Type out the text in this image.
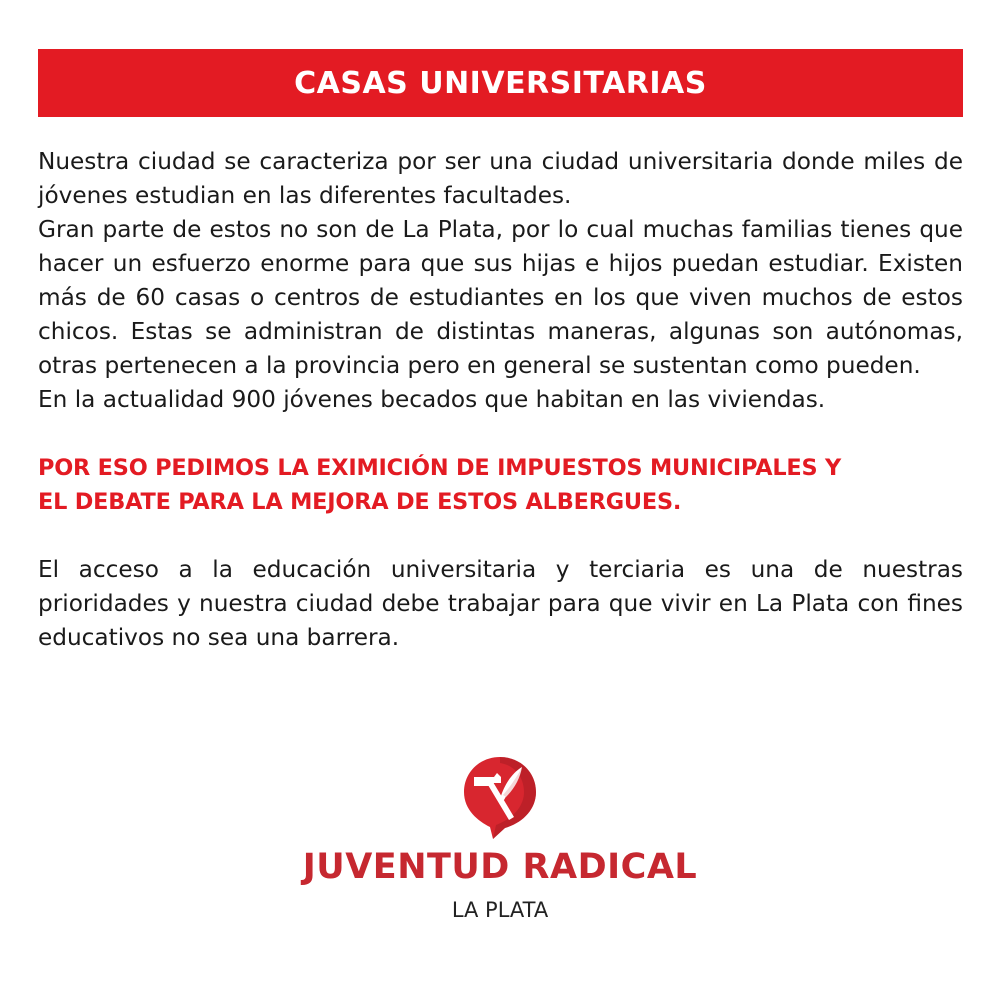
CASAS UNIVERSITARIAS

Nuestra ciudad se caracteriza por ser una ciudad universitaria donde miles de jóvenes estudian en las diferentes facultades.

Gran parte de estos no son de La Plata, por lo cual muchas familias tienes que hacer un esfuerzo enorme para que sus hijas e hijos puedan estudiar. Existen más de 60 casas o centros de estudiantes en los que viven muchos de estos chicos. Estas se administran de distintas maneras, algunas son autónomas, otras pertenecen a la provincia pero en general se sustentan como pueden.

En la actualidad 900 jóvenes becados que habitan en las viviendas.

POR ESO PEDIMOS LA EXIMICIÓN DE IMPUESTOS MUNICIPALES Y
EL DEBATE PARA LA MEJORA DE ESTOS ALBERGUES.

El acceso a la educación universitaria y terciaria es una de nuestras prioridades y nuestra ciudad debe trabajar para que vivir en La Plata con fines educativos no sea una barrera.

JUVENTUD RADICAL
LA PLATA
